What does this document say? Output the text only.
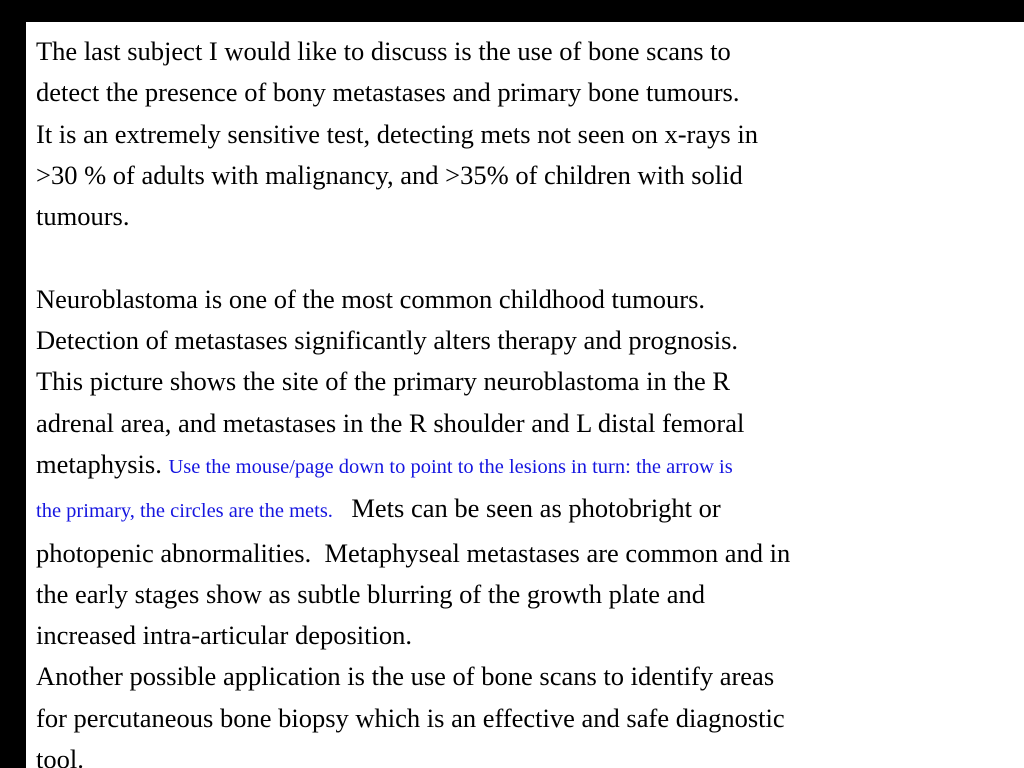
The last subject I would like to discuss is the use of bone scans to
detect the presence of bony metastases and primary bone tumours.
It is an extremely sensitive test, detecting mets not seen on x-rays in
>30 % of adults with malignancy, and >35% of children with solid
tumours.
Neuroblastoma is one of the most common childhood tumours.
Detection of metastases significantly alters therapy and prognosis.
This picture shows the site of the primary neuroblastoma in the R
adrenal area, and metastases in the R shoulder and L distal femoral
metaphysis. Use the mouse/page down to point to the lesions in turn: the arrow is
the primary, the circles are the mets.   Mets can be seen as photobright or
photopenic abnormalities.  Metaphyseal metastases are common and in
the early stages show as subtle blurring of the growth plate and
increased intra-articular deposition.
Another possible application is the use of bone scans to identify areas
for percutaneous bone biopsy which is an effective and safe diagnostic
tool.
